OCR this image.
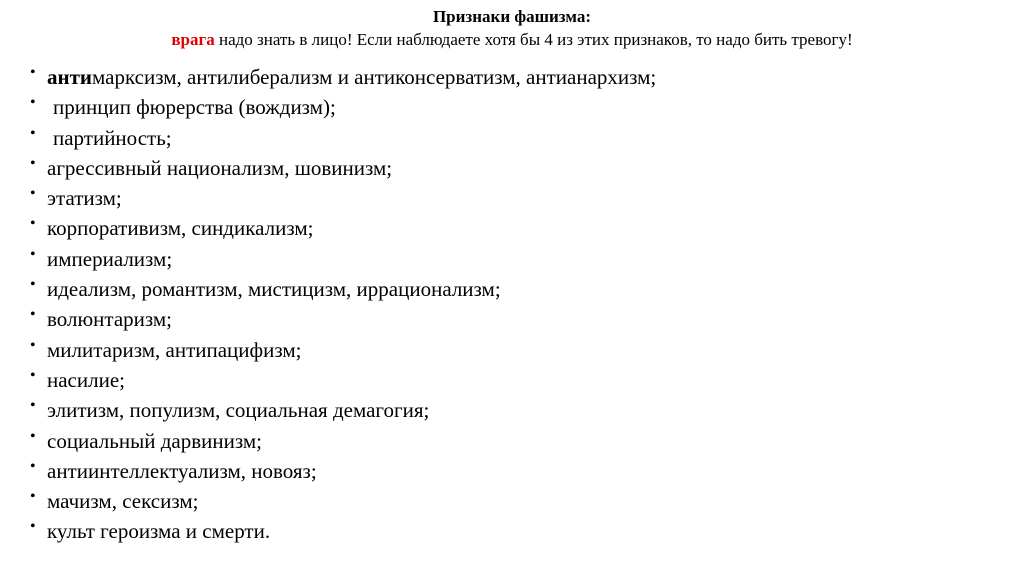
Признаки фашизма:
врага надо знать в лицо! Если наблюдаете хотя бы 4 из этих признаков, то надо бить тревогу!
• антимарксизм, антилиберализм и антиконсерватизм, антианархизм;
• принцип фюрерства (вождизм);
• партийность;
• агрессивный национализм, шовинизм;
• этатизм;
• корпоративизм, синдикализм;
• империализм;
• идеализм, романтизм, мистицизм, иррационализм;
• волюнтаризм;
• милитаризм, антипацифизм;
• насилие;
• элитизм, популизм, социальная демагогия;
• социальный дарвинизм;
• антиинтеллектуализм, новояз;
• мачизм, сексизм;
• культ героизма и смерти.
